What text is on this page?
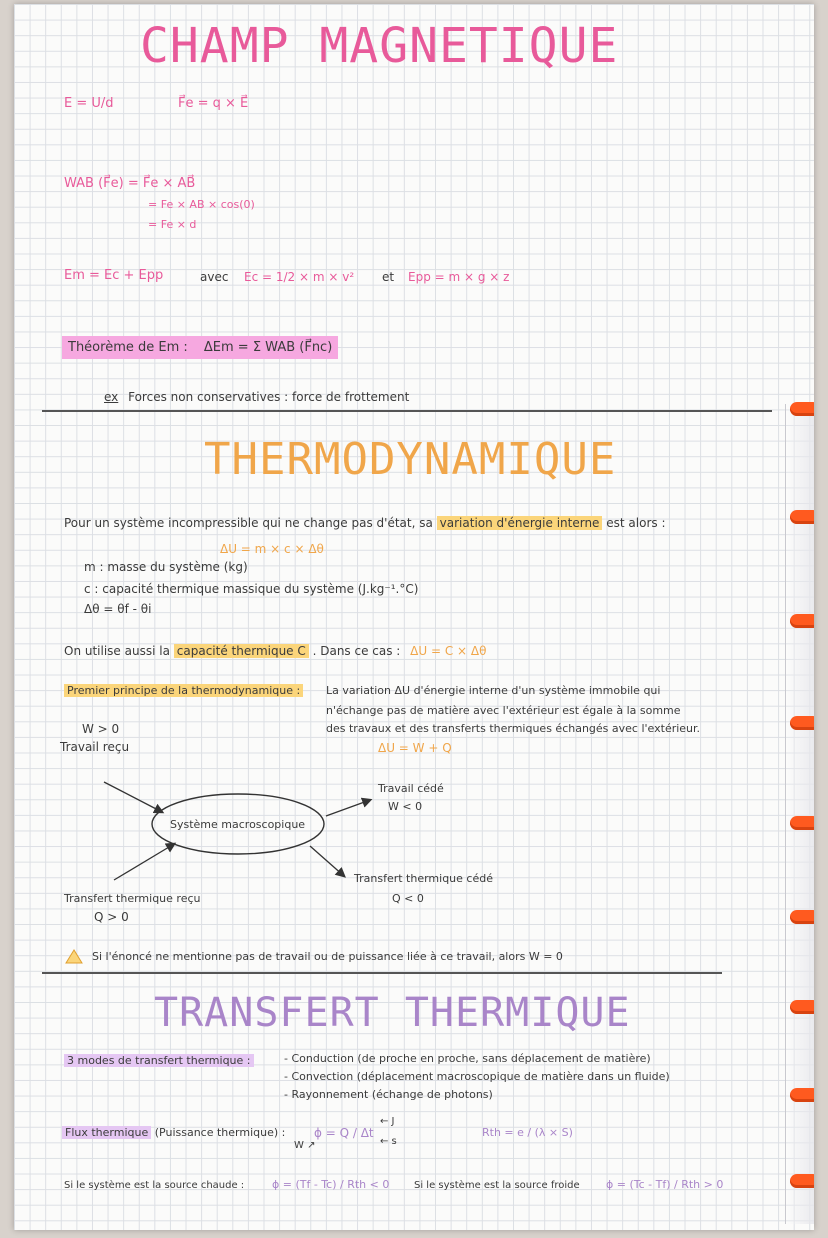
CHAMP MAGNETIQUE
E = U/d	F⃗e = q × E⃗
WAB (F⃗e) = F⃗e × AB⃗
= Fe × AB × cos(0)
= Fe × d
Em = Ec + Epp	avec Ec = 1/2 × m × v² et Epp = m × g × z
Théorème de Em : ΔEm = Σ WAB (F⃗nc)
ex Forces non conservatives : force de frottement
THERMODYNAMIQUE
Pour un système incompressible qui ne change pas d'état, sa variation d'énergie interne est alors :
ΔU = m × c × Δθ
m : masse du système (kg)
c : capacité thermique massique du système (J.kg⁻¹.°C)
Δθ = θf - θi
On utilise aussi la capacité thermique C . Dans ce cas : ΔU = C × Δθ
Premier principe de la thermodynamique : La variation ΔU d'énergie interne d'un système immobile qui
n'échange pas de matière avec l'extérieur est égale à la somme
des travaux et des transferts thermiques échangés avec l'extérieur.
ΔU = W + Q
W > 0
Travail reçu
Système macroscopique
Travail cédé
W < 0
Transfert thermique cédé
Q < 0
Transfert thermique reçu
Q > 0
Si l'énoncé ne mentionne pas de travail ou de puissance liée à ce travail, alors W = 0
TRANSFERT THERMIQUE
3 modes de transfert thermique :	- Conduction (de proche en proche, sans déplacement de matière)
- Convection (déplacement macroscopique de matière dans un fluide)
- Rayonnement (échange de photons)
Flux thermique (Puissance thermique) : ϕ = Q / Δt
← J
← s
W ↗
Rth = e / (λ × S)
Si le système est la source chaude :	ϕ = (Tf - Tc) / Rth < 0 Si le système est la source froide ϕ = (Tc - Tf) / Rth > 0
